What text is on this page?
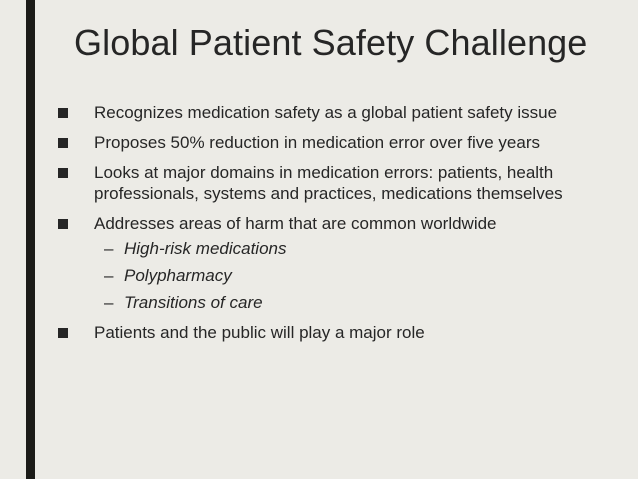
Global Patient Safety Challenge
Recognizes medication safety as a global patient safety issue
Proposes 50% reduction in medication error over five years
Looks at major domains in medication errors: patients, health professionals, systems and practices, medications themselves
Addresses areas of harm that are common worldwide
– High-risk medications
– Polypharmacy
– Transitions of care
Patients and the public will play a major role
